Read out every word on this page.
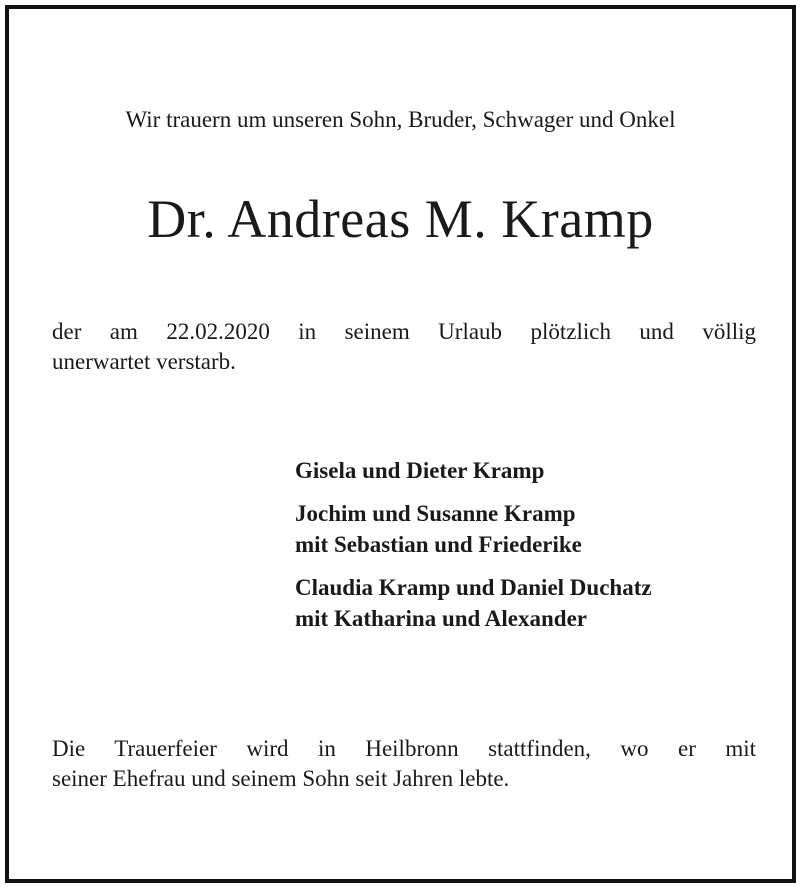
Wir trauern um unseren Sohn, Bruder, Schwager und Onkel

Dr. Andreas M. Kramp

der am 22.02.2020 in seinem Urlaub plötzlich und völlig
unerwartet verstarb.

Gisela und Dieter Kramp
Jochim und Susanne Kramp
mit Sebastian und Friederike
Claudia Kramp und Daniel Duchatz
mit Katharina und Alexander

Die Trauerfeier wird in Heilbronn stattfinden, wo er mit
seiner Ehefrau und seinem Sohn seit Jahren lebte.
